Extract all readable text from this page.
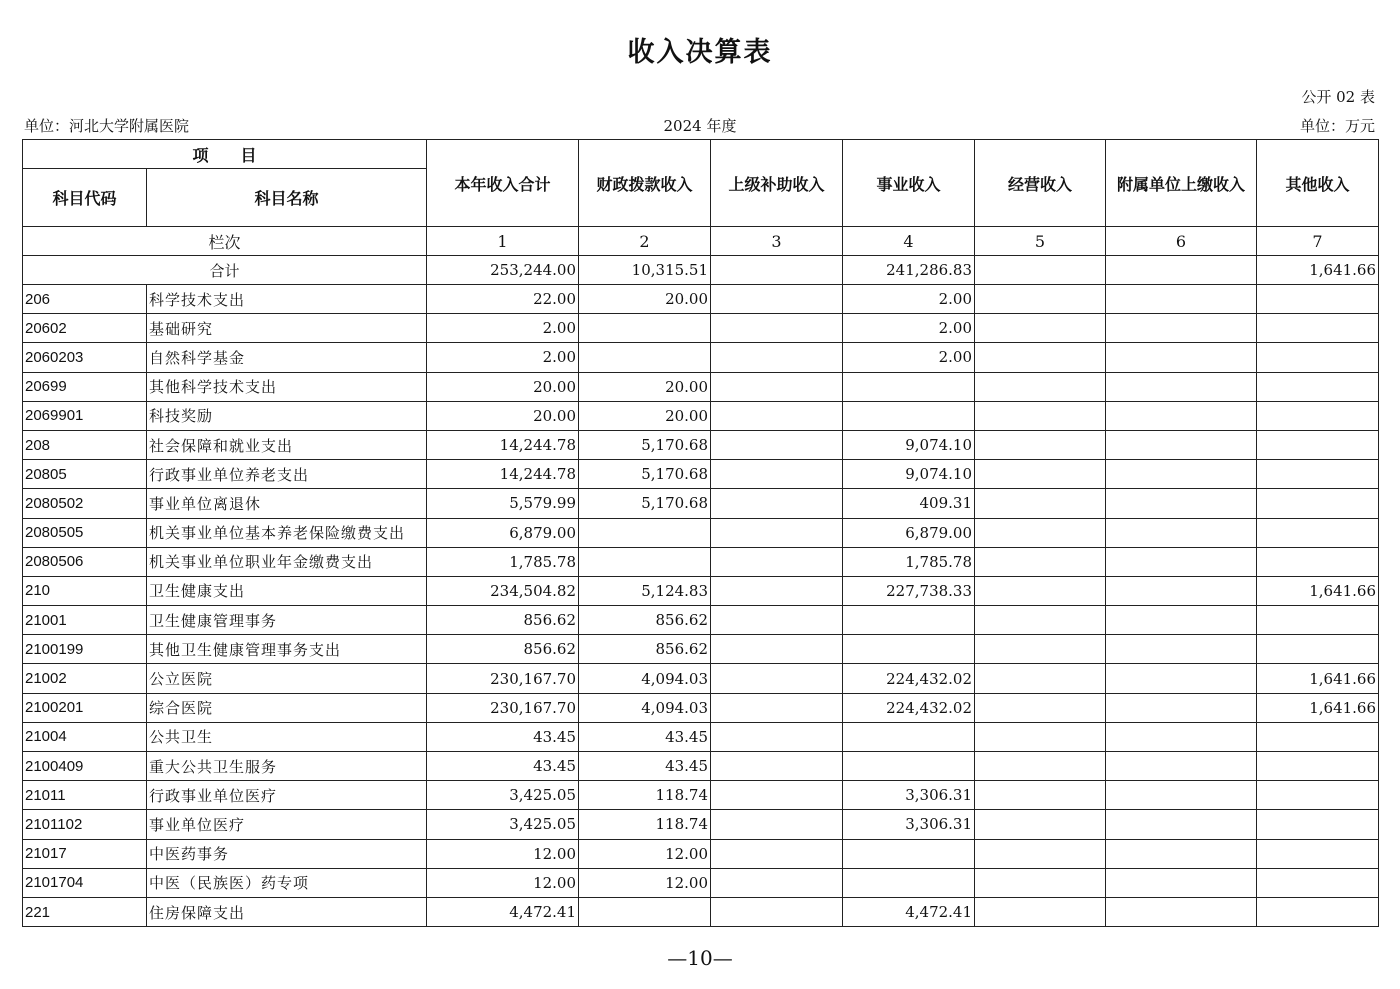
收入决算表
公开 02 表
单位：河北大学附属医院	2024 年度	单位：万元
项　　目		本年收入合计	财政拨款收入	上级补助收入	事业收入	经营收入	附属单位上缴收入	其他收入
科目代码	科目名称							
栏次		1	2	3	4	5	6	7
合计		253,244.00	10,315.51		241,286.83			1,641.66
206	科学技术支出	22.00	20.00		2.00			
20602	基础研究	2.00			2.00			
2060203	自然科学基金	2.00			2.00			
20699	其他科学技术支出	20.00	20.00					
2069901	科技奖励	20.00	20.00					
208	社会保障和就业支出	14,244.78	5,170.68		9,074.10			
20805	行政事业单位养老支出	14,244.78	5,170.68		9,074.10			
2080502	事业单位离退休	5,579.99	5,170.68		409.31			
2080505	机关事业单位基本养老保险缴费支出	6,879.00			6,879.00			
2080506	机关事业单位职业年金缴费支出	1,785.78			1,785.78			
210	卫生健康支出	234,504.82	5,124.83		227,738.33			1,641.66
21001	卫生健康管理事务	856.62	856.62					
2100199	其他卫生健康管理事务支出	856.62	856.62					
21002	公立医院	230,167.70	4,094.03		224,432.02			1,641.66
2100201	综合医院	230,167.70	4,094.03		224,432.02			1,641.66
21004	公共卫生	43.45	43.45					
2100409	重大公共卫生服务	43.45	43.45					
21011	行政事业单位医疗	3,425.05	118.74		3,306.31			
2101102	事业单位医疗	3,425.05	118.74		3,306.31			
21017	中医药事务	12.00	12.00					
2101704	中医（民族医）药专项	12.00	12.00					
221	住房保障支出	4,472.41			4,472.41			
—10—
